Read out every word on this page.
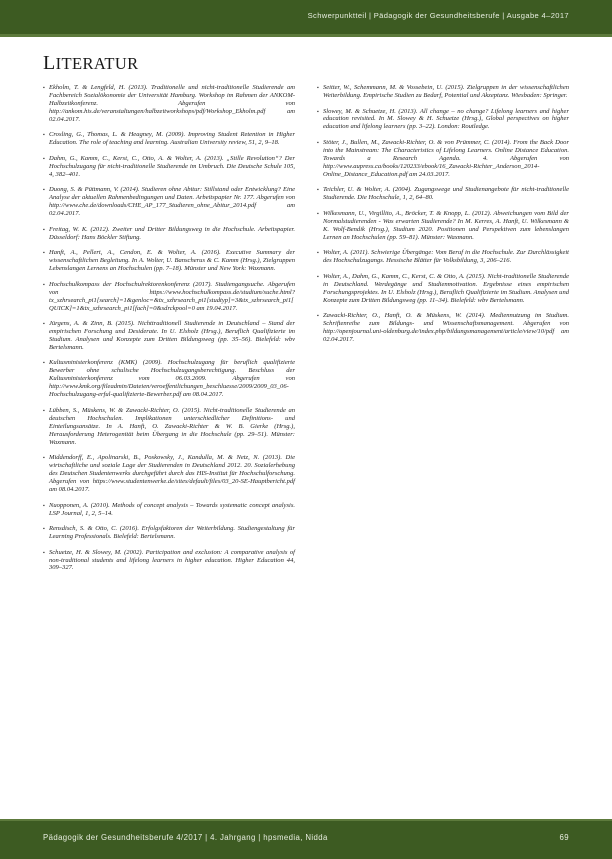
Schwerpunktteil | Pädagogik der Gesundheitsberufe | Ausgabe 4–2017
LITERATUR
▪ Ekholm, T. & Lengfeld, H. (2013). Traditionelle und nicht-traditionelle Studierende am Fachbereich Sozialökonomie der Universität Hamburg. Workshop im Rahmen der ANKOM-Halbzeitkonferenz. Abgerufen von http://ankom.his.de/veranstaltungen/halbzeitworkshops/pdf/Workshop_Ekholm.pdf am 02.04.2017.
▪ Crosling, G., Thomas, L. & Heagney, M. (2009). Improving Student Retention in Higher Education. The role of teaching and learning. Australian University review, 51, 2, 9–18.
▪ Dahm, G., Kamm, C., Kerst, C., Otto, A. & Wolter, A. (2013). „Stille Revolution“? Der Hochschulzugang für nicht-traditionelle Studierende im Umbruch. Die Deutsche Schule 105, 4, 382–401.
▪ Duong, S. & Püttmann, V. (2014). Studieren ohne Abitur: Stillstand oder Entwicklung? Eine Analyse der aktuellen Rahmenbedingungen und Daten. Arbeitspapier Nr. 177. Abgerufen von http://www.che.de/downloads/CHE_AP_177_Studieren_ohne_Abitur_2014.pdf am 02.04.2017.
▪ Freitag, W. K. (2012). Zweiter und Dritter Bildungsweg in die Hochschule. Arbeitspapier. Düsseldorf: Hans Böckler Stiftung.
▪ Hanft, A., Pellert, A., Cendon, E. & Wolter, A. (2016). Executive Summary der wissenschaftlichen Begleitung. In A. Wolter, U. Banscherus & C. Kamm (Hrsg.), Zielgruppen Lebenslangen Lernens an Hochschulen (pp. 7–18). Münster und New York: Waxmann.
▪ Hochschulkompass der Hochschulrektorenkonferenz (2017). Studiengangsuche. Abgerufen von https://www.hochschulkompass.de/studium/suche.html?tx_szhrsearch_pi1[search]=1&genloc=&tx_szhrsearch_pi1[studtyp]=3&tx_szhrsearch_pi1[QUICK]=1&tx_szhrsearch_pi1[fach]=0&sdrckpool=0 am 19.04.2017.
▪ Jürgens, A. & Zinn, B. (2015). Nichttraditionell Studierende in Deutschland – Stand der empirischen Forschung und Desiderate. In U. Elsholz (Hrsg.), Beruflich Qualifizierte im Studium. Analysen und Konzepte zum Dritten Bildungsweg (pp. 35–56). Bielefeld: wbv Bertelsmann.
▪ Kultusministerkonferenz (KMK) (2009). Hochschulzugang für beruflich qualifizierte Bewerber ohne schulische Hochschulzugangsberechtigung. Beschluss der Kultusministerkonferenz vom 06.03.2009. Abgerufen von http://www.kmk.org/fileadmin/Dateien/veroeffentlichungen_beschluesse/2009/2009_03_06-Hochschulzugang-erful-qualifizierte-Bewerber.pdf am 08.04.2017.
▪ Lübben, S., Müskens, W. & Zawacki-Richter, O. (2015). Nicht-traditionelle Studierende an deutschen Hochschulen. Implikationen unterschiedlicher Definitions- und Einteilungsansätze. In A. Hanft, O. Zawacki-Richter & W. B. Gierke (Hrsg.), Herausforderung Heterogenität beim Übergang in die Hochschule (pp. 29–51). Münster: Waxmann.
▪ Middendorff, E., Apolinarski, B., Poskowsky, J., Kandulla, M. & Netz, N. (2013). Die wirtschaftliche und soziale Lage der Studierenden in Deutschland 2012. 20. Sozialerhebung des Deutschen Studentenwerks durchgeführt durch das HIS-Institut für Hochschulforschung. Abgerufen von https://www.studentenwerke.de/sites/default/files/03_20-SE-Hauptbericht.pdf am 08.04.2017.
▪ Nuopponen, A. (2010). Methods of concept analysis – Towards systematic concept analysis. LSP Journal, 1, 2, 5–14.
▪ Rensdisch, S. & Otto, C. (2016). Erfolgsfaktoren der Weiterbildung. Studiengestaltung für Learning Professionals. Bielefeld: Bertelsmann.
▪ Schuetze, H. & Slowey, M. (2002). Participation and exclusion: A comparative analysis of non-traditional students and lifelong learners in higher education. Higher Education 44, 309–327.
▪ Seitter, W., Schemmann, M. & Vossebein, U. (2015). Zielgruppen in der wissenschaftlichen Weiterbildung. Empirische Studien zu Bedarf, Potential und Akzeptanz. Wiesbaden: Springer.
▪ Slowey, M. & Schuetze, H. (2013). All change – no change? Lifelong learners and higher education revisited. In M. Slowey & H. Schuetze (Hrsg.), Global perspectives on higher education and lifelong learners (pp. 3–22). London: Routledge.
▪ Stöter, J., Bullen, M., Zawacki-Richter, O. & von Prümmer, C. (2014). From the Back Door into the Mainstream: The Characteristics of Lifelong Learners. Online Distance Education. Towards a Research Agenda. 4. Abgerufen von http://www.aupress.ca/books/120233/ebook/16_Zawacki-Richter_Anderson_2014-Online_Distance_Education.pdf am 24.03.2017.
▪ Teichler, U. & Wolter, A. (2004). Zugangswege und Studienangebote für nicht-traditionelle Studierende. Die Hochschule, 1, 2, 64–80.
▪ Wilkesmann, U., Virgillito, A., Bröcker, T. & Knopp, L. (2012). Abweichungen vom Bild der Normalstudierenden - Was erwarten Studierende? In M. Kerres, A. Hanft, U. Wilkesmann & K. Wolf-Bendik (Hrsg.), Studium 2020. Positionen und Perspektiven zum lebenslangen Lernen an Hochschulen (pp. 59–81). Münster: Waxmann.
▪ Wolter, A. (2011). Schwierige Übergänge: Vom Beruf in die Hochschule. Zur Durchlässigkeit des Hochschulzugangs. Hessische Blätter für Volksbildung, 3, 206–216.
▪ Wolter, A., Dahm, G., Kamm, C., Kerst, C. & Otto, A. (2015). Nicht-traditionelle Studierende in Deutschland. Werdegänge und Studienmotivation. Ergebnisse eines empirischen Forschungsprojektes. In U. Elsholz (Hrsg.), Beruflich Qualifizierte im Studium. Analysen und Konzepte zum Dritten Bildungsweg (pp. 11–34). Bielefeld: wbv Bertelsmann.
▪ Zawacki-Richter, O., Hanft, O. & Müskens, W. (2014). Mediennutzung im Studium. Schriftenreihe zum Bildungs- und Wissenschaftsmanagement. Abgerufen von http://openjournal.uni-oldenburg.de/index.php/bildungsmanagement/article/view/10/pdf am 02.04.2017.
Pädagogik der Gesundheitsberufe 4/2017 | 4. Jahrgang | hpsmedia, Nidda	69
